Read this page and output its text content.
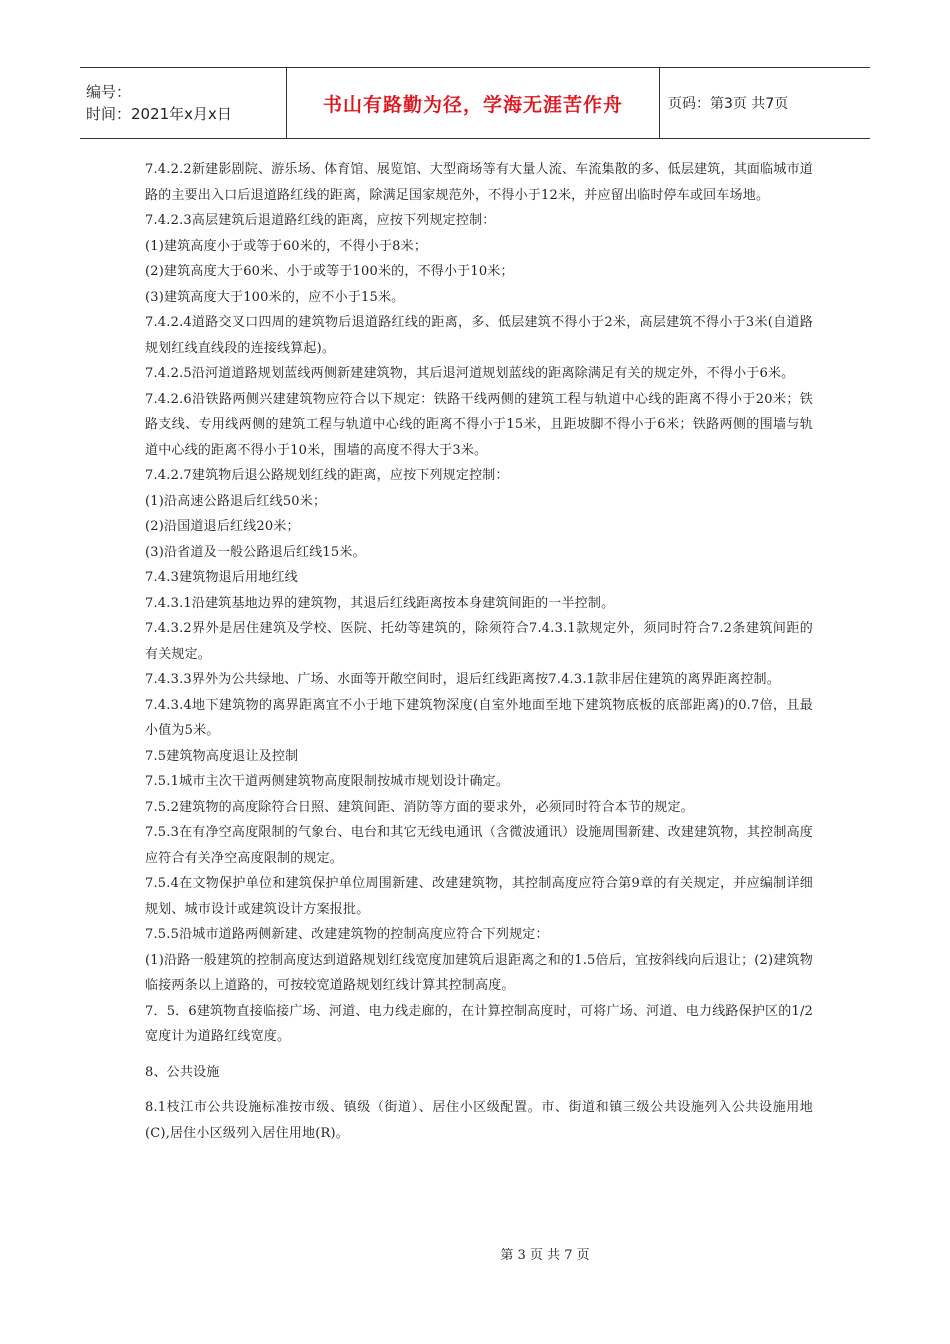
编号：
时间：2021年x月x日	书山有路勤为径，学海无涯苦作舟	页码：第3页 共7页

7.4.2.2新建影剧院、游乐场、体育馆、展览馆、大型商场等有大量人流、车流集散的多、低层建筑，其面临城市道路的主要出入口后退道路红线的距离，除满足国家规范外，不得小于12米，并应留出临时停车或回车场地。

7.4.2.3高层建筑后退道路红线的距离，应按下列规定控制：

(1)建筑高度小于或等于60米的，不得小于8米；

(2)建筑高度大于60米、小于或等于100米的，不得小于10米；

(3)建筑高度大于100米的，应不小于15米。

7.4.2.4道路交叉口四周的建筑物后退道路红线的距离，多、低层建筑不得小于2米，高层建筑不得小于3米(自道路规划红线直线段的连接线算起)。

7.4.2.5沿河道道路规划蓝线两侧新建建筑物，其后退河道规划蓝线的距离除满足有关的规定外，不得小于6米。

7.4.2.6沿铁路两侧兴建建筑物应符合以下规定：铁路干线两侧的建筑工程与轨道中心线的距离不得小于20米；铁路支线、专用线两侧的建筑工程与轨道中心线的距离不得小于15米，且距坡脚不得小于6米；铁路两侧的围墙与轨道中心线的距离不得小于10米，围墙的高度不得大于3米。

7.4.2.7建筑物后退公路规划红线的距离，应按下列规定控制：

(1)沿高速公路退后红线50米；

(2)沿国道退后红线20米；

(3)沿省道及一般公路退后红线15米。

7.4.3建筑物退后用地红线

7.4.3.1沿建筑基地边界的建筑物，其退后红线距离按本身建筑间距的一半控制。

7.4.3.2界外是居住建筑及学校、医院、托幼等建筑的，除须符合7.4.3.1款规定外，须同时符合7.2条建筑间距的有关规定。

7.4.3.3界外为公共绿地、广场、水面等开敞空间时，退后红线距离按7.4.3.1款非居住建筑的离界距离控制。

7.4.3.4地下建筑物的离界距离宜不小于地下建筑物深度(自室外地面至地下建筑物底板的底部距离)的0.7倍，且最小值为5米。

7.5建筑物高度退让及控制

7.5.1城市主次干道两侧建筑物高度限制按城市规划设计确定。

7.5.2建筑物的高度除符合日照、建筑间距、消防等方面的要求外，必须同时符合本节的规定。

7.5.3在有净空高度限制的气象台、电台和其它无线电通讯（含微波通讯）设施周围新建、改建建筑物，其控制高度应符合有关净空高度限制的规定。

7.5.4在文物保护单位和建筑保护单位周围新建、改建建筑物，其控制高度应符合第9章的有关规定，并应编制详细规划、城市设计或建筑设计方案报批。

7.5.5沿城市道路两侧新建、改建建筑物的控制高度应符合下列规定：

(1)沿路一般建筑的控制高度达到道路规划红线宽度加建筑后退距离之和的1.5倍后，宜按斜线向后退让；(2)建筑物临接两条以上道路的，可按较宽道路规划红线计算其控制高度。

7．5．6建筑物直接临接广场、河道、电力线走廊的，在计算控制高度时，可将广场、河道、电力线路保护区的1/2宽度计为道路红线宽度。

8、公共设施

8.1枝江市公共设施标准按市级、镇级（街道）、居住小区级配置。市、街道和镇三级公共设施列入公共设施用地(C),居住小区级列入居住用地(R)。

第 3 页 共 7 页
